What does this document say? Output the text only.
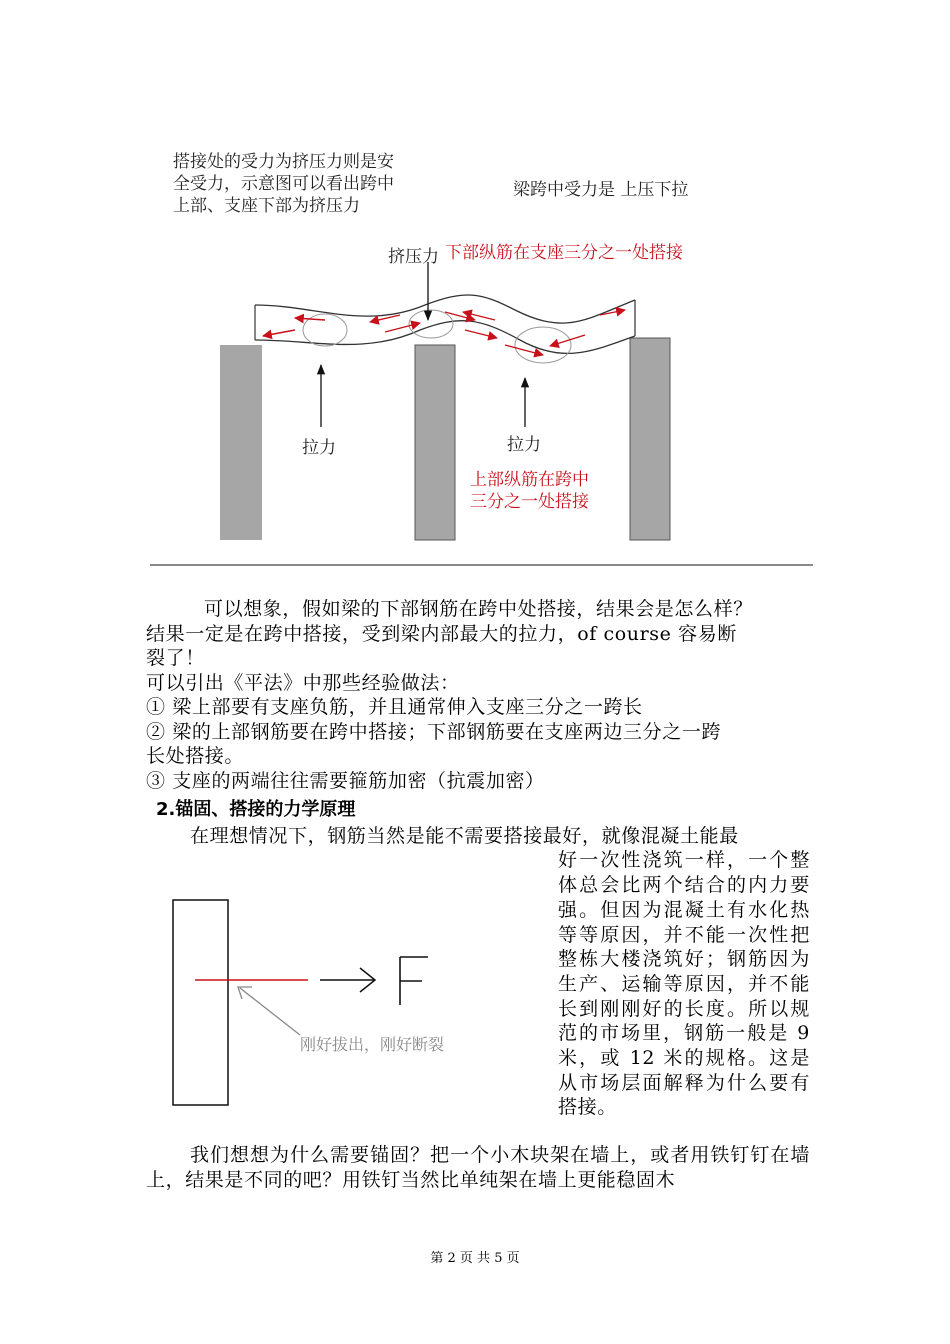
搭接处的受力为挤压力则是安
全受力，示意图可以看出跨中
上部、支座下部为挤压力
梁跨中受力是 上压下拉
挤压力
拉力	拉力
下部纵筋在支座三分之一处搭接
上部纵筋在跨中
三分之一处搭接
可以想象，假如梁的下部钢筋在跨中处搭接，结果会是怎么样？
结果一定是在跨中搭接，受到梁内部最大的拉力，of course 容易断
裂了！
可以引出《平法》中那些经验做法：
① 梁上部要有支座负筋，并且通常伸入支座三分之一跨长
② 梁的上部钢筋要在跨中搭接；下部钢筋要在支座两边三分之一跨
长处搭接。
③ 支座的两端往往需要箍筋加密（抗震加密）
2.锚固、搭接的力学原理
在理想情况下，钢筋当然是能不需要搭接最好，就像混凝土能最
好一次性浇筑一样，一个整体总会比两个结合的内力要强。但因为混凝土有水化热等等原因，并不能一次性把整栋大楼浇筑好；钢筋因为生产、运输等原因，并不能长到刚刚好的长度。所以规范的市场里，钢筋一般是 9 米，或 12 米的规格。这是从市场层面解释为什么要有搭接。
刚好拔出，刚好断裂
我们想想为什么需要锚固？把一个小木块架在墙上，或者用铁钉钉在墙上，结果是不同的吧？用铁钉当然比单纯架在墙上更能稳固木
第 2 页 共 5 页
